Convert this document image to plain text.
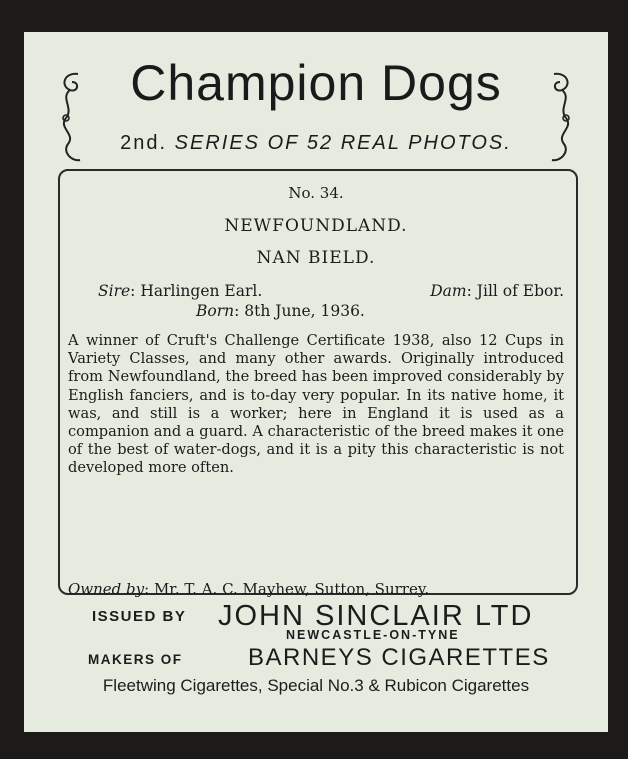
Champion Dogs
2nd. SERIES OF 52 REAL PHOTOS.
No. 34.
NEWFOUNDLAND.
NAN BIELD.
Sire: Harlingen Earl.	Dam: Jill of Ebor.
Born: 8th June, 1936.
A winner of Cruft's Challenge Certificate 1938, also 12 Cups in Variety Classes, and many other awards. Originally introduced from Newfoundland, the breed has been improved considerably by English fanciers, and is to-day very popular. In its native home, it was, and still is a worker; here in England it is used as a companion and a guard. A characteristic of the breed makes it one of the best of water-dogs, and it is a pity this characteristic is not developed more often.
Owned by: Mr. T. A. C. Mayhew, Sutton, Surrey.
ISSUED BY JOHN SINCLAIR LTD
NEWCASTLE-ON-TYNE
MAKERS OF	BARNEYS CIGARETTES
Fleetwing Cigarettes, Special No.3 & Rubicon Cigarettes
